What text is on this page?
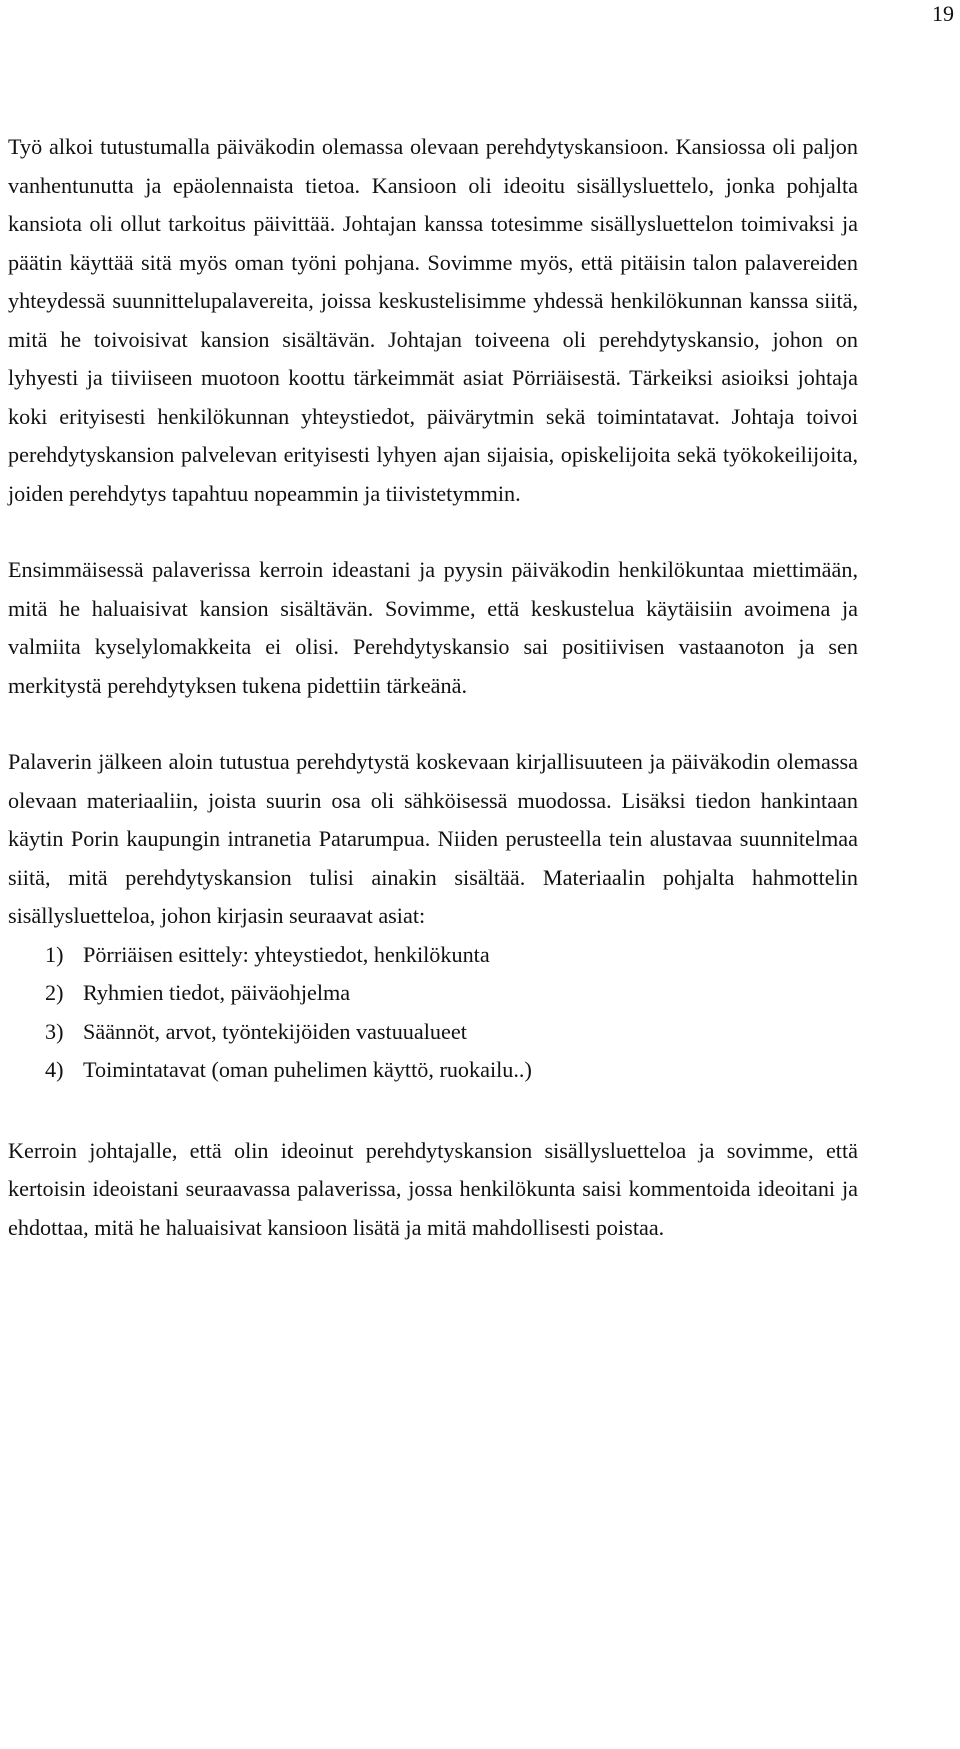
19

Työ alkoi tutustumalla päiväkodin olemassa olevaan perehdytyskansioon. Kansiossa oli paljon vanhentunutta ja epäolennaista tietoa. Kansioon oli ideoitu sisällysluettelo, jonka pohjalta kansiota oli ollut tarkoitus päivittää. Johtajan kanssa totesimme sisällysluettelon toimivaksi ja päätin käyttää sitä myös oman työni pohjana. Sovimme myös, että pitäisin talon palavereiden yhteydessä suunnittelupalavereita, joissa keskustelisimme yhdessä henkilökunnan kanssa siitä, mitä he toivoisivat kansion sisältävän. Johtajan toiveena oli perehdytyskansio, johon on lyhyesti ja tiiviiseen muotoon koottu tärkeimmät asiat Pörriäisestä. Tärkeiksi asioiksi johtaja koki erityisesti henkilökunnan yhteystiedot, päivärytmin sekä toimintatavat. Johtaja toivoi perehdytyskansion palvelevan erityisesti lyhyen ajan sijaisia, opiskelijoita sekä työkokeilijoita, joiden perehdytys tapahtuu nopeammin ja tiivistetymmin.

Ensimmäisessä palaverissa kerroin ideastani ja pyysin päiväkodin henkilökuntaa miettimään, mitä he haluaisivat kansion sisältävän. Sovimme, että keskustelua käytäisiin avoimena ja valmiita kyselylomakkeita ei olisi. Perehdytyskansio sai positiivisen vastaanoton ja sen merkitystä perehdytyksen tukena pidettiin tärkeänä.

Palaverin jälkeen aloin tutustua perehdytystä koskevaan kirjallisuuteen ja päiväkodin olemassa olevaan materiaaliin, joista suurin osa oli sähköisessä muodossa. Lisäksi tiedon hankintaan käytin Porin kaupungin intranetia Patarumpua. Niiden perusteella tein alustavaa suunnitelmaa siitä, mitä perehdytyskansion tulisi ainakin sisältää. Materiaalin pohjalta hahmottelin sisällysluetteloa, johon kirjasin seuraavat asiat:

1) Pörriäisen esittely: yhteystiedot, henkilökunta
2) Ryhmien tiedot, päiväohjelma
3) Säännöt, arvot, työntekijöiden vastuualueet
4) Toimintatavat (oman puhelimen käyttö, ruokailu..)

Kerroin johtajalle, että olin ideoinut perehdytyskansion sisällysluetteloa ja sovimme, että kertoisin ideoistani seuraavassa palaverissa, jossa henkilökunta saisi kommentoida ideoitani ja ehdottaa, mitä he haluaisivat kansioon lisätä ja mitä mahdollisesti poistaa.
